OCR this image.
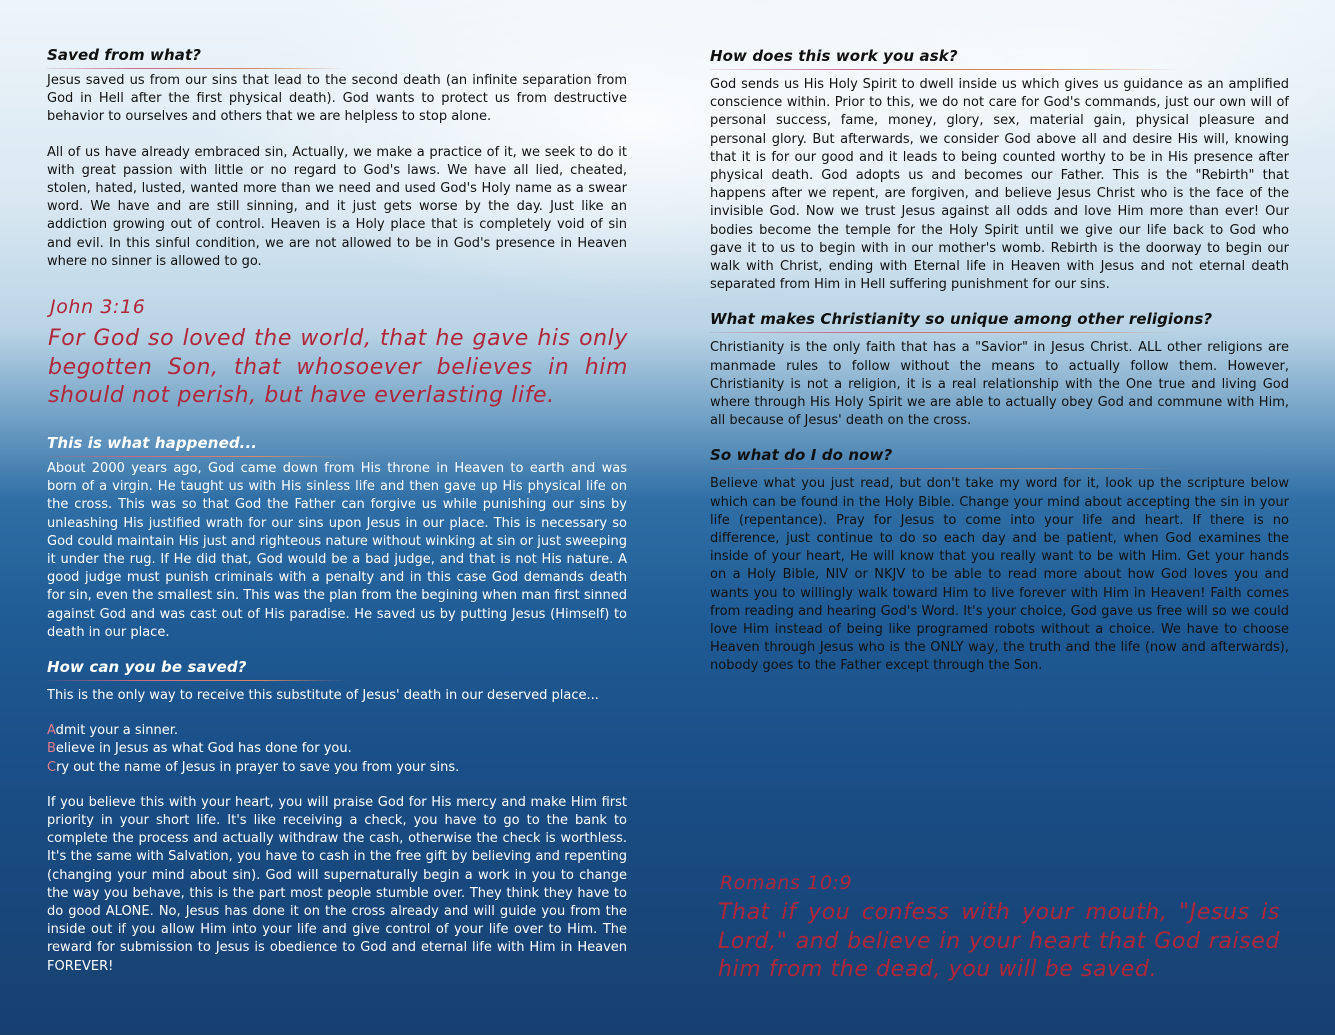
Saved from what?

Jesus saved us from our sins that lead to the second death (an infinite separation from God in Hell after the first physical death). God wants to protect us from destructive behavior to ourselves and others that we are helpless to stop alone.

All of us have already embraced sin, Actually, we make a practice of it, we seek to do it with great passion with little or no regard to God's laws. We have all lied, cheated, stolen, hated, lusted, wanted more than we need and used God's Holy name as a swear word. We have and are still sinning, and it just gets worse by the day. Just like an addiction growing out of control. Heaven is a Holy place that is completely void of sin and evil. In this sinful condition, we are not allowed to be in God's presence in Heaven where no sinner is allowed to go.

John 3:16
For God so loved the world, that he gave his only begotten Son, that whosoever believes in him should not perish, but have everlasting life.
This is what happened...

About 2000 years ago, God came down from His throne in Heaven to earth and was born of a virgin. He taught us with His sinless life and then gave up His physical life on the cross. This was so that God the Father can forgive us while punishing our sins by unleashing His justified wrath for our sins upon Jesus in our place. This is necessary so God could maintain His just and righteous nature without winking at sin or just sweeping it under the rug. If He did that, God would be a bad judge, and that is not His nature. A good judge must punish criminals with a penalty and in this case God demands death for sin, even the smallest sin. This was the plan from the begining when man first sinned against God and was cast out of His paradise. He saved us by putting Jesus (Himself) to death in our place.

How can you be saved?

This is the only way to receive this substitute of Jesus' death in our deserved place...

Admit your a sinner.
Believe in Jesus as what God has done for you.
Cry out the name of Jesus in prayer to save you from your sins.

If you believe this with your heart, you will praise God for His mercy and make Him first priority in your short life. It's like receiving a check, you have to go to the bank to complete the process and actually withdraw the cash, otherwise the check is worthless. It's the same with Salvation, you have to cash in the free gift by believing and repenting (changing your mind about sin). God will supernaturally begin a work in you to change the way you behave, this is the part most people stumble over. They think they have to do good ALONE. No, Jesus has done it on the cross already and will guide you from the inside out if you allow Him into your life and give control of your life over to Him. The reward for submission to Jesus is obedience to God and eternal life with Him in Heaven FOREVER!

How does this work you ask?

God sends us His Holy Spirit to dwell inside us which gives us guidance as an amplified conscience within. Prior to this, we do not care for God's commands, just our own will of personal success, fame, money, glory, sex, material gain, physical pleasure and personal glory. But afterwards, we consider God above all and desire His will, knowing that it is for our good and it leads to being counted worthy to be in His presence after physical death. God adopts us and becomes our Father. This is the "Rebirth" that happens after we repent, are forgiven, and believe Jesus Christ who is the face of the invisible God. Now we trust Jesus against all odds and love Him more than ever! Our bodies become the temple for the Holy Spirit until we give our life back to God who gave it to us to begin with in our mother's womb. Rebirth is the doorway to begin our walk with Christ, ending with Eternal life in Heaven with Jesus and not eternal death separated from Him in Hell suffering punishment for our sins.

What makes Christianity so unique among other religions?

Christianity is the only faith that has a "Savior" in Jesus Christ. ALL other religions are manmade rules to follow without the means to actually follow them. However, Christianity is not a religion, it is a real relationship with the One true and living God where through His Holy Spirit we are able to actually obey God and commune with Him, all because of Jesus' death on the cross.

So what do I do now?

Believe what you just read, but don't take my word for it, look up the scripture below which can be found in the Holy Bible. Change your mind about accepting the sin in your life (repentance). Pray for Jesus to come into your life and heart. If there is no difference, just continue to do so each day and be patient, when God examines the inside of your heart, He will know that you really want to be with Him. Get your hands on a Holy Bible, NIV or NKJV to be able to read more about how God loves you and wants you to willingly walk toward Him to live forever with Him in Heaven! Faith comes from reading and hearing God's Word. It's your choice, God gave us free will so we could love Him instead of being like programed robots without a choice. We have to choose Heaven through Jesus who is the ONLY way, the truth and the life (now and afterwards), nobody goes to the Father except through the Son.

Romans 10:9
That if you confess with your mouth, "Jesus is Lord," and believe in your heart that God raised him from the dead, you will be saved.
